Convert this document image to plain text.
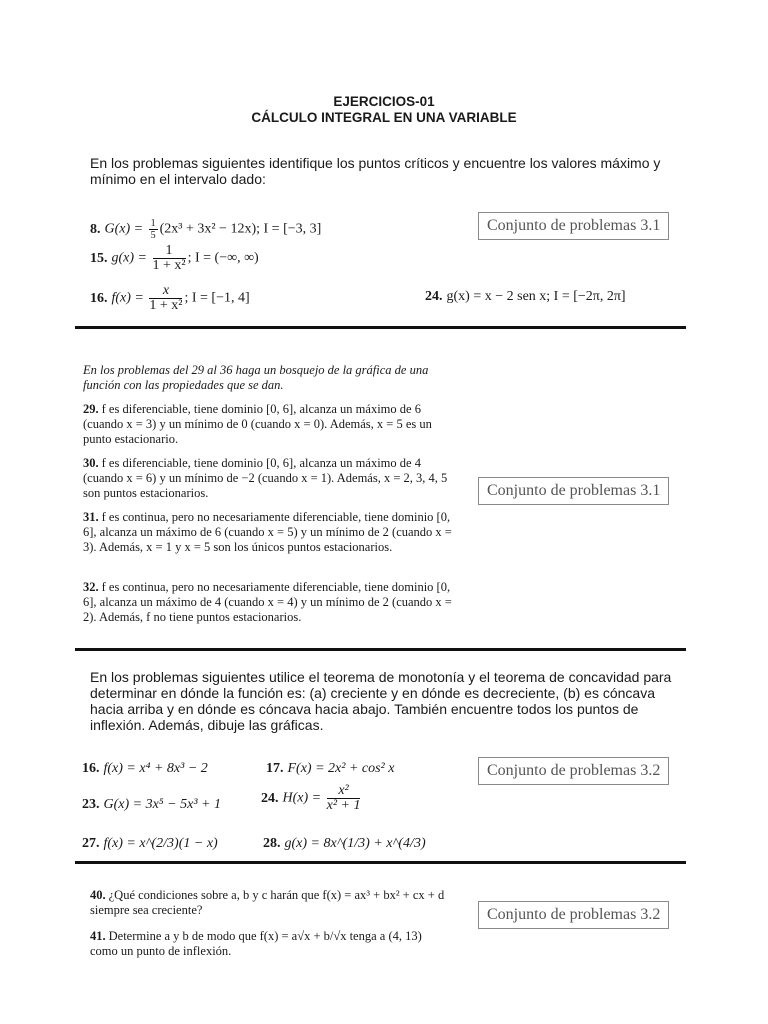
EJERCICIOS-01
CÁLCULO INTEGRAL EN UNA VARIABLE
En los problemas siguientes identifique los puntos críticos y encuentre los valores máximo y mínimo en el intervalo dado:
8. $G(x) = \frac{1}{5} (2x^3 + 3x^2 - 12x)$; I = [−3, 3]	Conjunto de problemas 3.1
15. $g(x) = \frac{1}{\text{1 + x²}}$ ; I = (−∞, ∞)
16. $f(x) = \frac{x}{\text{1 + x²}}$ ; I = [−1, 4]	24. g(x) = x − 2 sen x; I = [−2π, 2π]
En los problemas del 29 al 36 haga un bosquejo de la gráfica de una función con las propiedades que se dan.
29. f es diferenciable, tiene dominio [0, 6], alcanza un máximo de 6 (cuando x = 3) y un mínimo de 0 (cuando x = 0). Además, x = 5 es un punto estacionario.
30. f es diferenciable, tiene dominio [0, 6], alcanza un máximo de 4 (cuando x = 6) y un mínimo de −2 (cuando x = 1). Además, x = 2, 3, 4, 5 son puntos estacionarios.
31. f es continua, pero no necesariamente diferenciable, tiene dominio [0, 6], alcanza un máximo de 6 (cuando x = 5) y un mínimo de 2 (cuando x = 3). Además, x = 1 y x = 5 son los únicos puntos estacionarios.
32. f es continua, pero no necesariamente diferenciable, tiene dominio [0, 6], alcanza un máximo de 4 (cuando x = 4) y un mínimo de 2 (cuando x = 2). Además, f no tiene puntos estacionarios.
Conjunto de problemas 3.1
En los problemas siguientes utilice el teorema de monotonía y el teorema de concavidad para determinar en dónde la función es: (a) creciente y en dónde es decreciente, (b) es cóncava hacia arriba y en dónde es cóncava hacia abajo. También encuentre todos los puntos de inflexión. Además, dibuje las gráficas.
16. f(x) = x⁴ + 8x³ − 2	17. F(x) = 2x² + cos² x	Conjunto de problemas 3.2
23. G(x) = 3x⁵ − 5x³ + 1	24. $H(x) = \frac{\text{x²}}{\text{x² + 1}}$
27. f(x) = x^(2/3)(1 − x)	28. g(x) = 8x^(1/3) + x^(4/3)
40. ¿Qué condiciones sobre a, b y c harán que f(x) = ax³ + bx² + cx + d siempre sea creciente?
41. Determine a y b de modo que f(x) = a√x + b/√x tenga a (4, 13) como un punto de inflexión.
Conjunto de problemas 3.2
